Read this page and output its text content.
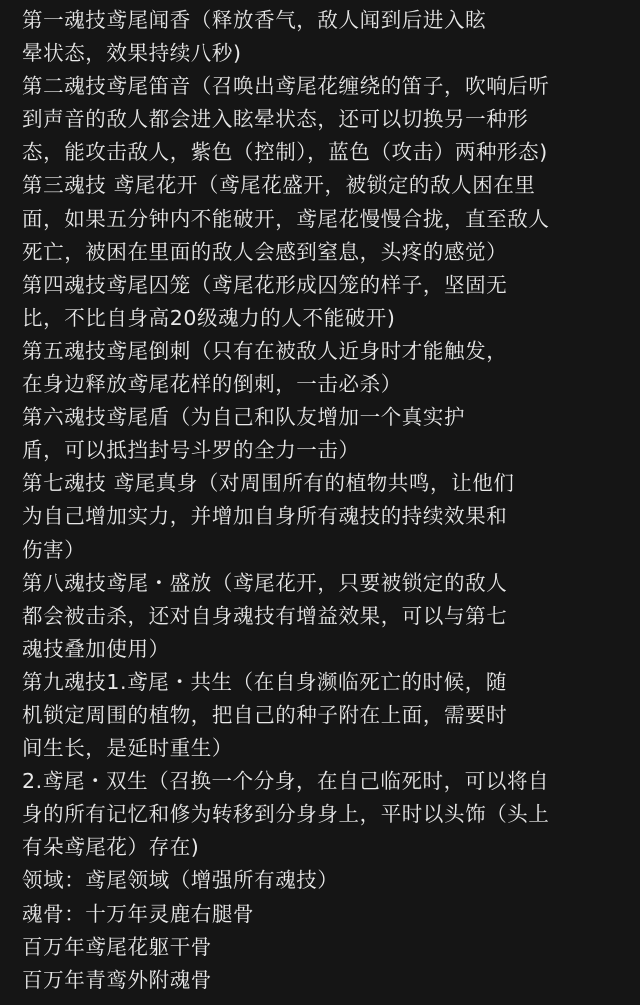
第一魂技鸢尾闻香（释放香气，敌人闻到后进入眩
晕状态，效果持续八秒)
第二魂技鸢尾笛音（召唤出鸢尾花缠绕的笛子，吹响后听
到声音的敌人都会进入眩晕状态，还可以切换另一种形
态，能攻击敌人，紫色（控制），蓝色（攻击）两种形态)
第三魂技 鸢尾花开（鸢尾花盛开，被锁定的敌人困在里
面，如果五分钟内不能破开，鸢尾花慢慢合拢，直至敌人
死亡，被困在里面的敌人会感到窒息，头疼的感觉）
第四魂技鸢尾囚笼（鸢尾花形成囚笼的样子，坚固无
比，不比自身高20级魂力的人不能破开)
第五魂技鸢尾倒刺（只有在被敌人近身时才能触发，
在身边释放鸢尾花样的倒刺，一击必杀）
第六魂技鸢尾盾（为自己和队友增加一个真实护
盾，可以抵挡封号斗罗的全力一击）
第七魂技 鸢尾真身（对周围所有的植物共鸣，让他们
为自己增加实力，并增加自身所有魂技的持续效果和
伤害）
第八魂技鸢尾・盛放（鸢尾花开，只要被锁定的敌人
都会被击杀，还对自身魂技有增益效果，可以与第七
魂技叠加使用）
第九魂技1.鸢尾・共生（在自身濒临死亡的时候，随
机锁定周围的植物，把自己的种子附在上面，需要时
间生长，是延时重生）
2.鸢尾・双生（召换一个分身，在自己临死时，可以将自
身的所有记忆和修为转移到分身身上，平时以头饰（头上
有朵鸢尾花）存在)
领域：鸢尾领域（增强所有魂技）
魂骨：十万年灵鹿右腿骨
百万年鸢尾花躯干骨
百万年青鸾外附魂骨
